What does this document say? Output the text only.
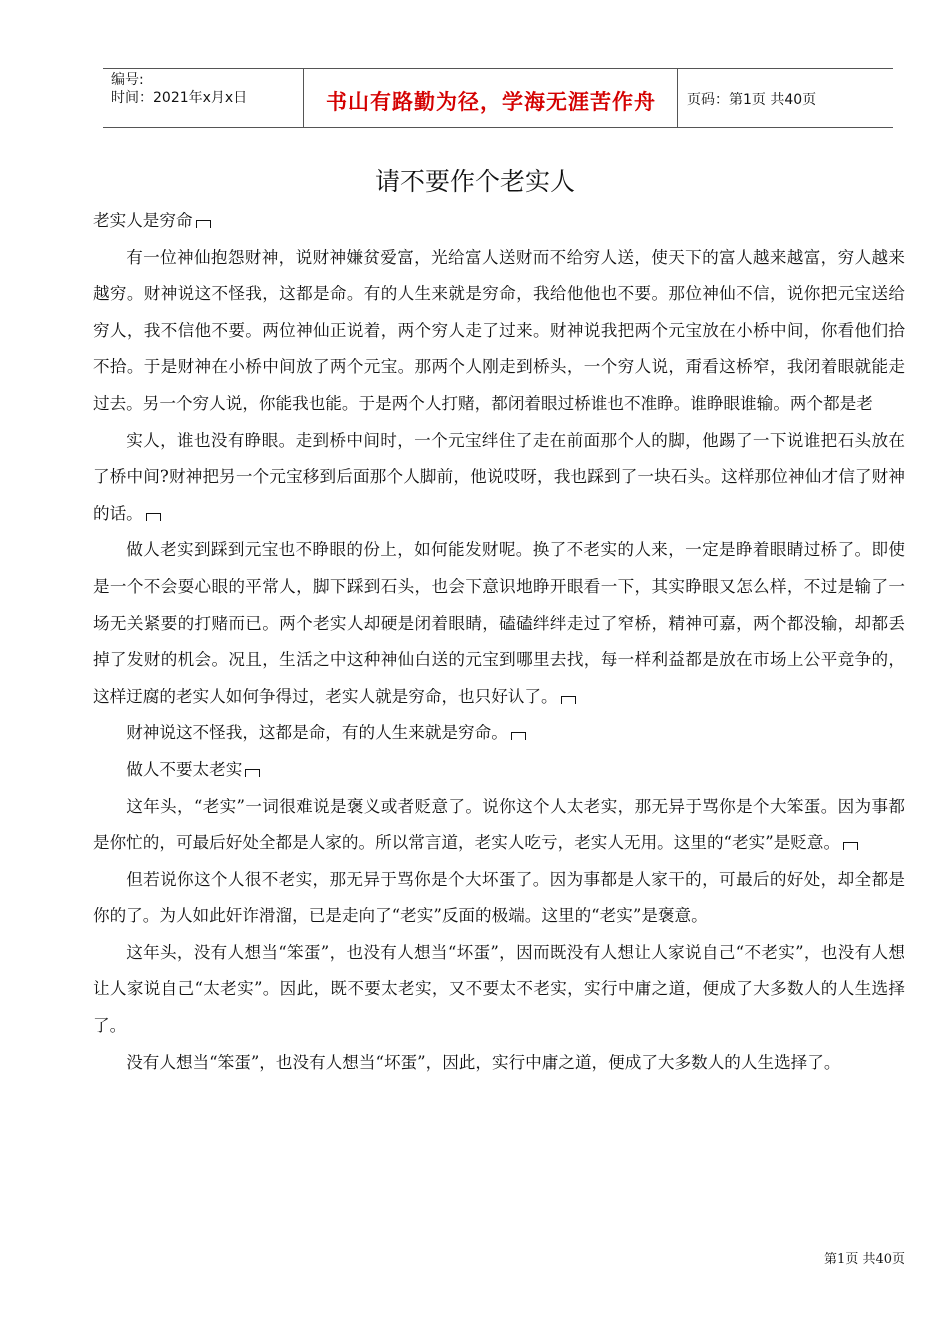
编号:
时间：2021年x月x日	书山有路勤为径，学海无涯苦作舟	页码：第1页 共40页
请不要作个老实人

老实人是穷命

有一位神仙抱怨财神，说财神嫌贫爱富，光给富人送财而不给穷人送，使天下的富人越来越富，穷人越来越穷。财神说这不怪我，这都是命。有的人生来就是穷命，我给他他也不要。那位神仙不信，说你把元宝送给穷人，我不信他不要。两位神仙正说着，两个穷人走了过来。财神说我把两个元宝放在小桥中间，你看他们拾不拾。于是财神在小桥中间放了两个元宝。那两个人刚走到桥头，一个穷人说，甭看这桥窄，我闭着眼就能走过去。另一个穷人说，你能我也能。于是两个人打赌，都闭着眼过桥谁也不准睁。谁睁眼谁输。两个都是老

实人，谁也没有睁眼。走到桥中间时，一个元宝绊住了走在前面那个人的脚，他踢了一下说谁把石头放在了桥中间?财神把另一个元宝移到后面那个人脚前，他说哎呀，我也踩到了一块石头。这样那位神仙才信了财神的话。

做人老实到踩到元宝也不睁眼的份上，如何能发财呢。换了不老实的人来，一定是睁着眼睛过桥了。即使是一个不会耍心眼的平常人，脚下踩到石头，也会下意识地睁开眼看一下，其实睁眼又怎么样，不过是输了一场无关紧要的打赌而已。两个老实人却硬是闭着眼睛，磕磕绊绊走过了窄桥，精神可嘉，两个都没输，却都丢掉了发财的机会。况且，生活之中这种神仙白送的元宝到哪里去找，每一样利益都是放在市场上公平竞争的，这样迂腐的老实人如何争得过，老实人就是穷命，也只好认了。

财神说这不怪我，这都是命，有的人生来就是穷命。

做人不要太老实

这年头，“老实”一词很难说是褒义或者贬意了。说你这个人太老实，那无异于骂你是个大笨蛋。因为事都是你忙的，可最后好处全都是人家的。所以常言道，老实人吃亏，老实人无用。这里的“老实”是贬意。

但若说你这个人很不老实，那无异于骂你是个大坏蛋了。因为事都是人家干的，可最后的好处，却全都是你的了。为人如此奸诈滑溜，已是走向了“老实”反面的极端。这里的“老实”是褒意。

这年头，没有人想当“笨蛋”，也没有人想当“坏蛋”，因而既没有人想让人家说自己“不老实”，也没有人想让人家说自己“太老实”。因此，既不要太老实，又不要太不老实，实行中庸之道，便成了大多数人的人生选择了。

没有人想当“笨蛋”，也没有人想当“坏蛋”，因此，实行中庸之道，便成了大多数人的人生选择了。

第1页 共40页
